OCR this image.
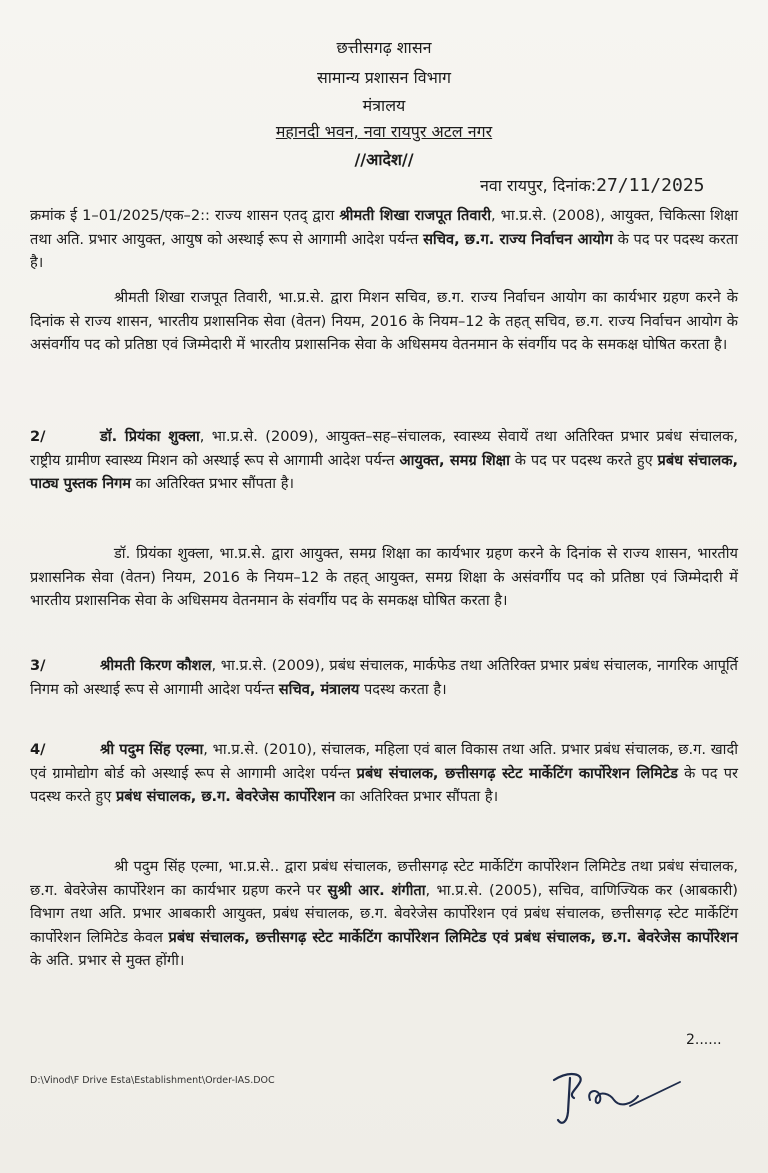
छत्तीसगढ़ शासन
सामान्य प्रशासन विभाग
मंत्रालय
महानदी भवन, नवा रायपुर अटल नगर
//आदेश//
नवा रायपुर, दिनांक:27/11/2025
क्रमांक ई 1–01/2025/एक–2:: राज्य शासन एतद् द्वारा श्रीमती शिखा राजपूत तिवारी, भा.प्र.से. (2008), आयुक्त, चिकित्सा शिक्षा तथा अति. प्रभार आयुक्त, आयुष को अस्थाई रूप से आगामी आदेश पर्यन्त सचिव, छ.ग. राज्य निर्वाचन आयोग के पद पर पदस्थ करता है।
श्रीमती शिखा राजपूत तिवारी, भा.प्र.से. द्वारा मिशन सचिव, छ.ग. राज्य निर्वाचन आयोग का कार्यभार ग्रहण करने के दिनांक से राज्य शासन, भारतीय प्रशासनिक सेवा (वेतन) नियम, 2016 के नियम–12 के तहत् सचिव, छ.ग. राज्य निर्वाचन आयोग के असंवर्गीय पद को प्रतिष्ठा एवं जिम्मेदारी में भारतीय प्रशासनिक सेवा के अधिसमय वेतनमान के संवर्गीय पद के समकक्ष घोषित करता है।
2/	डॉ. प्रियंका शुक्ला, भा.प्र.से. (2009), आयुक्त–सह–संचालक, स्वास्थ्य सेवायें तथा अतिरिक्त प्रभार प्रबंध संचालक, राष्ट्रीय ग्रामीण स्वास्थ्य मिशन को अस्थाई रूप से आगामी आदेश पर्यन्त आयुक्त, समग्र शिक्षा के पद पर पदस्थ करते हुए प्रबंध संचालक, पाठ्य पुस्तक निगम का अतिरिक्त प्रभार सौंपता है।
डॉ. प्रियंका शुक्ला, भा.प्र.से. द्वारा आयुक्त, समग्र शिक्षा का कार्यभार ग्रहण करने के दिनांक से राज्य शासन, भारतीय प्रशासनिक सेवा (वेतन) नियम, 2016 के नियम–12 के तहत् आयुक्त, समग्र शिक्षा के असंवर्गीय पद को प्रतिष्ठा एवं जिम्मेदारी में भारतीय प्रशासनिक सेवा के अधिसमय वेतनमान के संवर्गीय पद के समकक्ष घोषित करता है।
3/	श्रीमती किरण कौशल, भा.प्र.से. (2009), प्रबंध संचालक, मार्कफेड तथा अतिरिक्त प्रभार प्रबंध संचालक, नागरिक आपूर्ति निगम को अस्थाई रूप से आगामी आदेश पर्यन्त सचिव, मंत्रालय पदस्थ करता है।
4/	श्री पदुम सिंह एल्मा, भा.प्र.से. (2010), संचालक, महिला एवं बाल विकास तथा अति. प्रभार प्रबंध संचालक, छ.ग. खादी एवं ग्रामोद्योग बोर्ड को अस्थाई रूप से आगामी आदेश पर्यन्त प्रबंध संचालक, छत्तीसगढ़ स्टेट मार्केटिंग कार्पोरेशन लिमिटेड के पद पर पदस्थ करते हुए प्रबंध संचालक, छ.ग. बेवरेजेस कार्पोरेशन का अतिरिक्त प्रभार सौंपता है।
श्री पदुम सिंह एल्मा, भा.प्र.से.. द्वारा प्रबंध संचालक, छत्तीसगढ़ स्टेट मार्केटिंग कार्पोरेशन लिमिटेड तथा प्रबंध संचालक, छ.ग. बेवरेजेस कार्पोरेशन का कार्यभार ग्रहण करने पर सुश्री आर. शंगीता, भा.प्र.से. (2005), सचिव, वाणिज्यिक कर (आबकारी) विभाग तथा अति. प्रभार आबकारी आयुक्त, प्रबंध संचालक, छ.ग. बेवरेजेस कार्पोरेशन एवं प्रबंध संचालक, छत्तीसगढ़ स्टेट मार्केटिंग कार्पोरेशन लिमिटेड केवल प्रबंध संचालक, छत्तीसगढ़ स्टेट मार्केटिंग कार्पोरेशन लिमिटेड एवं प्रबंध संचालक, छ.ग. बेवरेजेस कार्पोरेशन के अति. प्रभार से मुक्त होंगी।
2......
D:\Vinod\F Drive Esta\Establishment\Order-IAS.DOC
